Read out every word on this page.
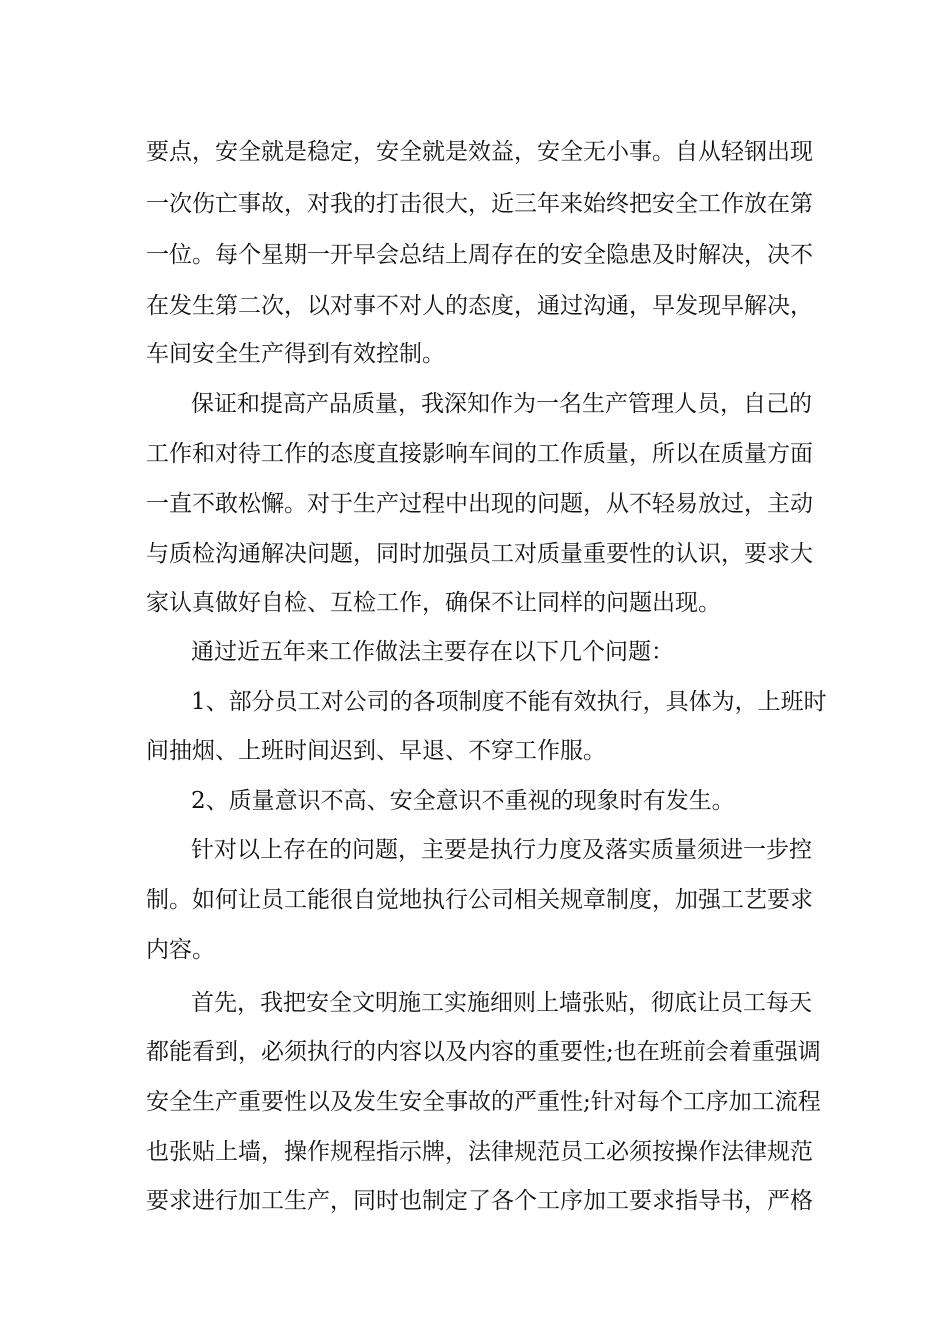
要点，安全就是稳定，安全就是效益，安全无小事。自从轻钢出现
一次伤亡事故，对我的打击很大，近三年来始终把安全工作放在第
一位。每个星期一开早会总结上周存在的安全隐患及时解决，决不
在发生第二次，以对事不对人的态度，通过沟通，早发现早解决，
车间安全生产得到有效控制。
保证和提高产品质量，我深知作为一名生产管理人员，自己的
工作和对待工作的态度直接影响车间的工作质量，所以在质量方面
一直不敢松懈。对于生产过程中出现的问题，从不轻易放过，主动
与质检沟通解决问题，同时加强员工对质量重要性的认识，要求大
家认真做好自检、互检工作，确保不让同样的问题出现。
通过近五年来工作做法主要存在以下几个问题：
1、部分员工对公司的各项制度不能有效执行，具体为，上班时
间抽烟、上班时间迟到、早退、不穿工作服。
2、质量意识不高、安全意识不重视的现象时有发生。
针对以上存在的问题，主要是执行力度及落实质量须进一步控
制。如何让员工能很自觉地执行公司相关规章制度，加强工艺要求
内容。
首先，我把安全文明施工实施细则上墙张贴，彻底让员工每天
都能看到，必须执行的内容以及内容的重要性;也在班前会着重强调
安全生产重要性以及发生安全事故的严重性;针对每个工序加工流程
也张贴上墙，操作规程指示牌，法律规范员工必须按操作法律规范
要求进行加工生产，同时也制定了各个工序加工要求指导书，严格
